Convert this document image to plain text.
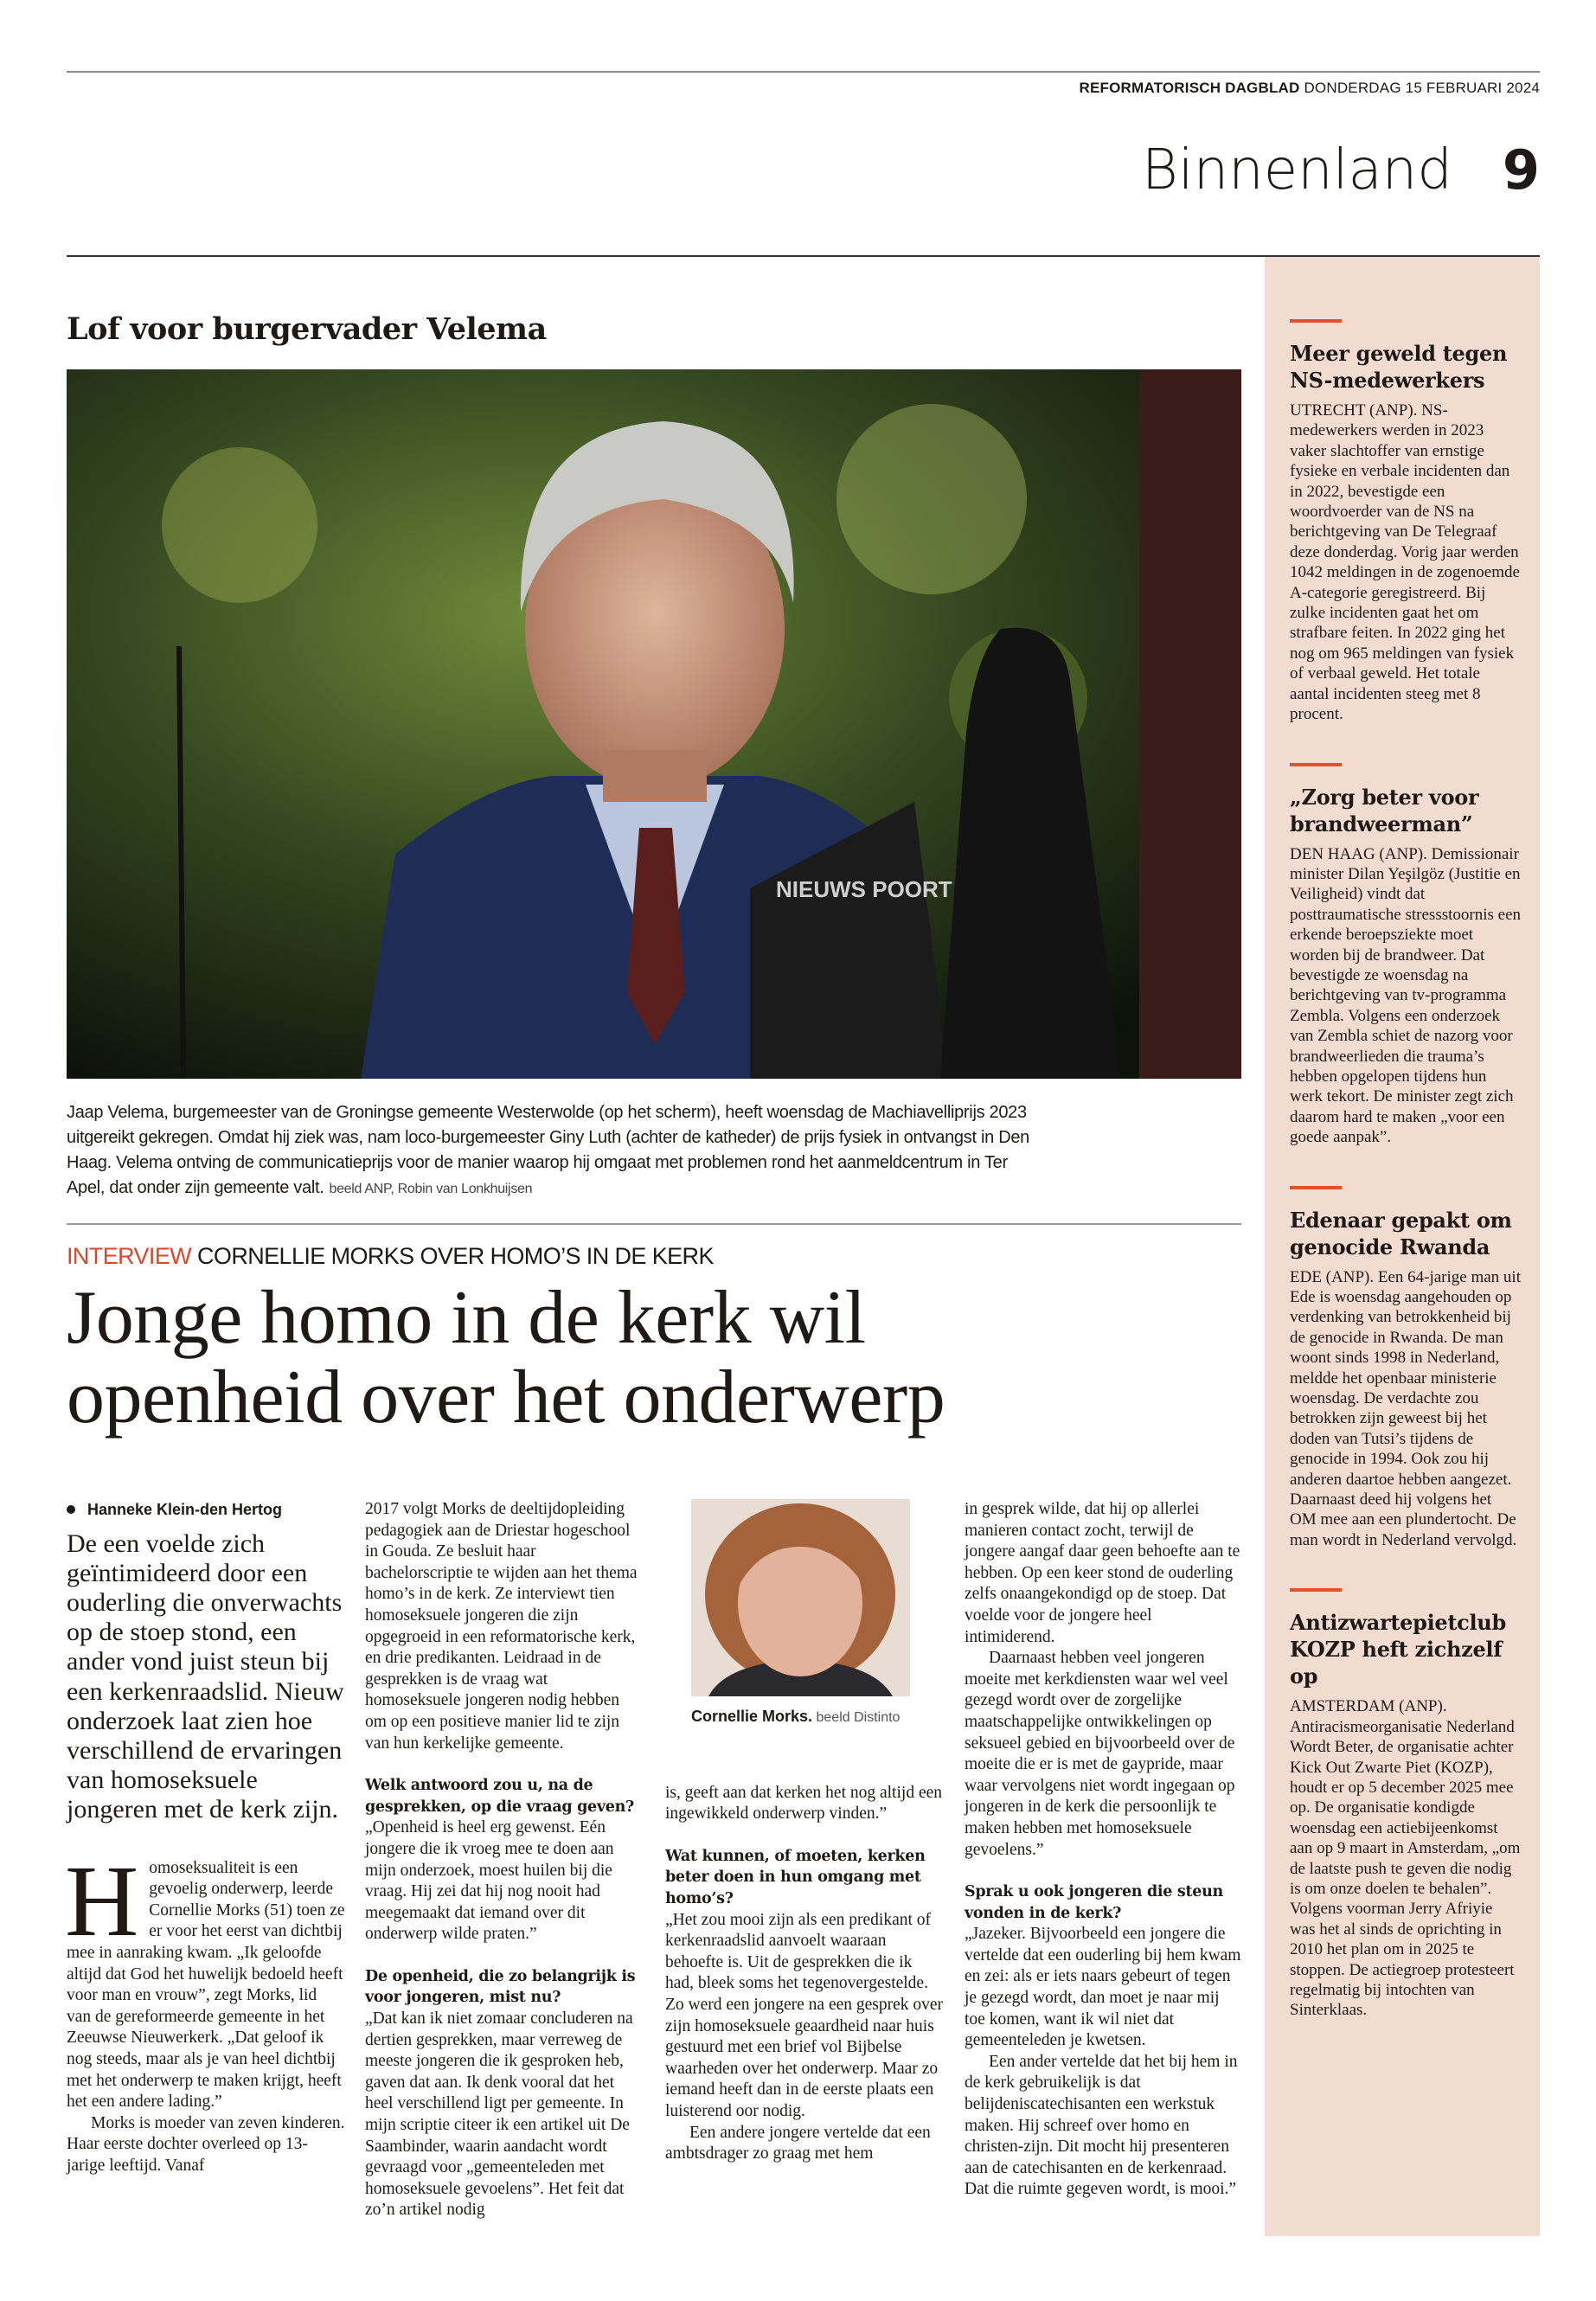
REFORMATORISCH DAGBLAD DONDERDAG 15 FEBRUARI 2024
Binnenland 9
Lof voor burgervader Velema
NIEUWS POORT
Jaap Velema, burgemeester van de Groningse gemeente Westerwolde (op het scherm), heeft woensdag de Machiavelliprijs 2023 uitgereikt gekregen. Omdat hij ziek was, nam loco-burgemeester Giny Luth (achter de katheder) de prijs fysiek in ontvangst in Den Haag. Velema ontving de communicatieprijs voor de manier waarop hij omgaat met problemen rond het aanmeldcentrum in Ter Apel, dat onder zijn gemeente valt. beeld ANP, Robin van Lonkhuijsen
INTERVIEW CORNELLIE MORKS OVER HOMO’S IN DE KERK
Jonge homo in de kerk wil
openheid over het onderwerp
Hanneke Klein-den Hertog

De een voelde zich geïntimideerd door een ouderling die onverwachts op de stoep stond, een ander vond juist steun bij een kerkenraadslid. Nieuw onderzoek laat zien hoe verschillend de ervaringen van homoseksuele jongeren met de kerk zijn.

Homoseksualiteit is een gevoelig onderwerp, leerde Cornellie Morks (51) toen ze er voor het eerst van dichtbij mee in aanraking kwam. „Ik geloofde altijd dat God het huwelijk bedoeld heeft voor man en vrouw”, zegt Morks, lid van de gereformeerde gemeente in het Zeeuwse Nieuwerkerk. „Dat geloof ik nog steeds, maar als je van heel dichtbij met het onderwerp te maken krijgt, heeft het een andere lading.”

Morks is moeder van zeven kinderen. Haar eerste dochter overleed op 13-jarige leeftijd. Vanaf

2017 volgt Morks de deeltijdopleiding pedagogiek aan de Driestar hogeschool in Gouda. Ze besluit haar bachelorscriptie te wijden aan het thema homo’s in de kerk. Ze interviewt tien homoseksuele jongeren die zijn opgegroeid in een reformatorische kerk, en drie predikanten. Leidraad in de gesprekken is de vraag wat homoseksuele jongeren nodig hebben om op een positieve manier lid te zijn van hun kerkelijke gemeente.

Welk antwoord zou u, na de gesprekken, op die vraag geven?

„Openheid is heel erg gewenst. Eén jongere die ik vroeg mee te doen aan mijn onderzoek, moest huilen bij die vraag. Hij zei dat hij nog nooit had meegemaakt dat iemand over dit onderwerp wilde praten.”

De openheid, die zo belangrijk is voor jongeren, mist nu?

„Dat kan ik niet zomaar concluderen na dertien gesprekken, maar verreweg de meeste jongeren die ik gesproken heb, gaven dat aan. Ik denk vooral dat het heel verschillend ligt per gemeente. In mijn scriptie citeer ik een artikel uit De Saambinder, waarin aandacht wordt gevraagd voor „gemeenteleden met homoseksuele gevoelens”. Het feit dat zo’n artikel nodig

Cornellie Morks. beeld Distinto

is, geeft aan dat kerken het nog altijd een ingewikkeld onderwerp vinden.”

Wat kunnen, of moeten, kerken beter doen in hun omgang met homo’s?

„Het zou mooi zijn als een predikant of kerkenraadslid aanvoelt waaraan behoefte is. Uit de gesprekken die ik had, bleek soms het tegenovergestelde. Zo werd een jongere na een gesprek over zijn homoseksuele geaardheid naar huis gestuurd met een brief vol Bijbelse waarheden over het onderwerp. Maar zo iemand heeft dan in de eerste plaats een luisterend oor nodig.

Een andere jongere vertelde dat een ambtsdrager zo graag met hem

in gesprek wilde, dat hij op allerlei manieren contact zocht, terwijl de jongere aangaf daar geen behoefte aan te hebben. Op een keer stond de ouderling zelfs onaangekondigd op de stoep. Dat voelde voor de jongere heel intimiderend.

Daarnaast hebben veel jongeren moeite met kerkdiensten waar wel veel gezegd wordt over de zorgelijke maatschappelijke ontwikkelingen op seksueel gebied en bijvoorbeeld over de moeite die er is met de gaypride, maar waar vervolgens niet wordt ingegaan op jongeren in de kerk die persoonlijk te maken hebben met homoseksuele gevoelens.”

Sprak u ook jongeren die steun vonden in de kerk?

„Jazeker. Bijvoorbeeld een jongere die vertelde dat een ouderling bij hem kwam en zei: als er iets naars gebeurt of tegen je gezegd wordt, dan moet je naar mij toe komen, want ik wil niet dat gemeenteleden je kwetsen.

Een ander vertelde dat het bij hem in de kerk gebruikelijk is dat belijdeniscatechisanten een werkstuk maken. Hij schreef over homo en christen-zijn. Dit mocht hij presenteren aan de catechisanten en de kerkenraad. Dat die ruimte gegeven wordt, is mooi.”

Meer geweld tegen NS-medewerkers

UTRECHT (ANP). NS-medewerkers werden in 2023 vaker slachtoffer van ernstige fysieke en verbale incidenten dan in 2022, bevestigde een woordvoerder van de NS na berichtgeving van De Telegraaf deze donderdag. Vorig jaar werden 1042 meldingen in de zogenoemde A-categorie geregistreerd. Bij zulke incidenten gaat het om strafbare feiten. In 2022 ging het nog om 965 meldingen van fysiek of verbaal geweld. Het totale aantal incidenten steeg met 8 procent.

„Zorg beter voor brandweerman”

DEN HAAG (ANP). Demissionair minister Dilan Yeşilgöz (Justitie en Veiligheid) vindt dat posttraumatische stressstoornis een erkende beroepsziekte moet worden bij de brandweer. Dat bevestigde ze woensdag na berichtgeving van tv-programma Zembla. Volgens een onderzoek van Zembla schiet de nazorg voor brandweerlieden die trauma’s hebben opgelopen tijdens hun werk tekort. De minister zegt zich daarom hard te maken „voor een goede aanpak”.

Edenaar gepakt om genocide Rwanda

EDE (ANP). Een 64-jarige man uit Ede is woensdag aangehouden op verdenking van betrokkenheid bij de genocide in Rwanda. De man woont sinds 1998 in Nederland, meldde het openbaar ministerie woensdag. De verdachte zou betrokken zijn geweest bij het doden van Tutsi’s tijdens de genocide in 1994. Ook zou hij anderen daartoe hebben aangezet. Daarnaast deed hij volgens het OM mee aan een plundertocht. De man wordt in Nederland vervolgd.

Antizwartepietclub KOZP heft zichzelf op

AMSTERDAM (ANP). Antiracismeorganisatie Nederland Wordt Beter, de organisatie achter Kick Out Zwarte Piet (KOZP), houdt er op 5 december 2025 mee op. De organisatie kondigde woensdag een actiebijeenkomst aan op 9 maart in Amsterdam, „om de laatste push te geven die nodig is om onze doelen te behalen”. Volgens voorman Jerry Afriyie was het al sinds de oprichting in 2010 het plan om in 2025 te stoppen. De actiegroep protesteert regelmatig bij intochten van Sinterklaas.
